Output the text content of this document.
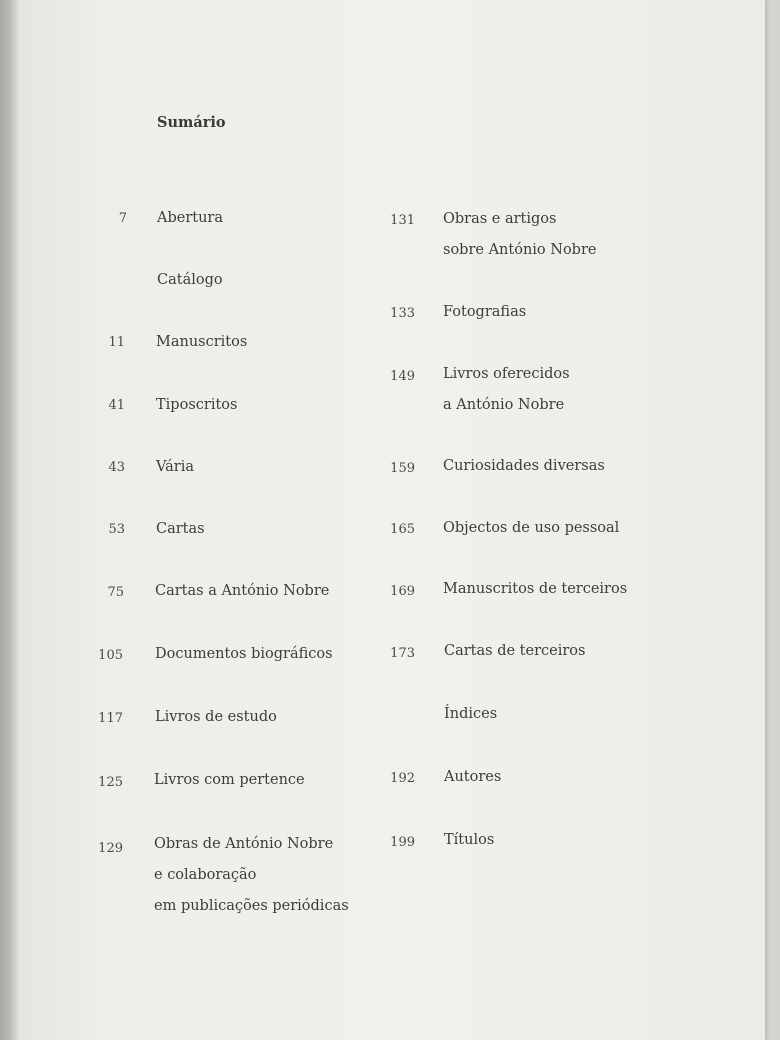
Sumário
7 Abertura
Catálogo
11 Manuscritos
41 Tiposcritos
43 Vária
53 Cartas
75 Cartas a António Nobre
105 Documentos biográficos
117 Livros de estudo
125 Livros com pertence
129 Obras de António Nobre
e colaboração
em publicações periódicas
131 Obras e artigos
sobre António Nobre
133 Fotografias
149 Livros oferecidos
a António Nobre
159 Curiosidades diversas
165 Objectos de uso pessoal
169 Manuscritos de terceiros
173 Cartas de terceiros
Índices
192 Autores
199 Títulos
